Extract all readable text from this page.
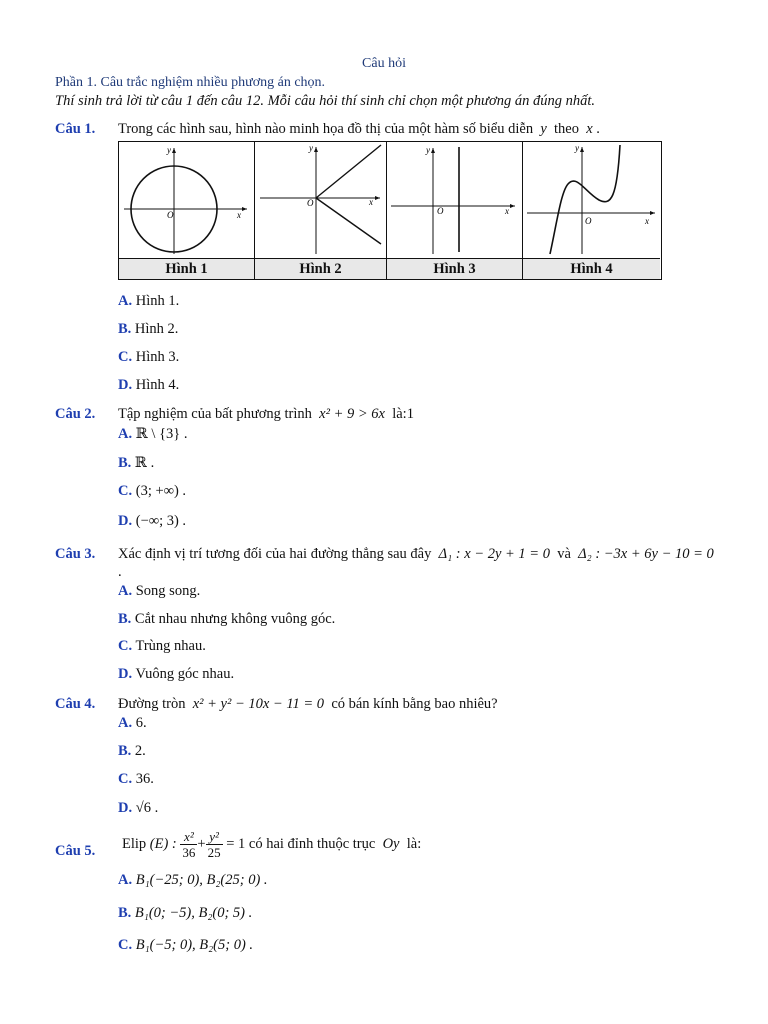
Câu hỏi
Phần 1. Câu trắc nghiệm nhiều phương án chọn.
Thí sinh trả lời từ câu 1 đến câu 12. Mỗi câu hỏi thí sinh chỉ chọn một phương án đúng nhất.
Câu 1. Trong các hình sau, hình nào minh họa đồ thị của một hàm số biểu diễn y theo x .
y
x
O
y
x
O
y
x
O
y
x
O
Hình 1	Hình 2	Hình 3	Hình 4
A. Hình 1.
B. Hình 2.
C. Hình 3.
D. Hình 4.
Câu 2. Tập nghiệm của bất phương trình x² + 9 > 6x là:1
A. ℝ \ {3} .
B. ℝ .
C. (3; +∞) .
D. (−∞; 3) .
Câu 3. Xác định vị trí tương đối của hai đường thẳng sau đây Δ₁ : x − 2y + 1 = 0 và Δ₂ : −3x + 6y − 10 = 0
.
A. Song song.
B. Cắt nhau nhưng không vuông góc.
C. Trùng nhau.
D. Vuông góc nhau.
Câu 4. Đường tròn x² + y² − 10x − 11 = 0 có bán kính bằng bao nhiêu?
A. 6.
B. 2.
C. 36.
D. √6 .
Câu 5. Elip (E) : $\frac{\text{x²}}{36} + \frac{\text{y²}}{25} = 1$ có hai đỉnh thuộc trục Oy là:
A. B₁(−25; 0), B₂(25; 0) .
B. B₁(0; −5), B₂(0; 5) .
C. B₁(−5; 0), B₂(5; 0) .
